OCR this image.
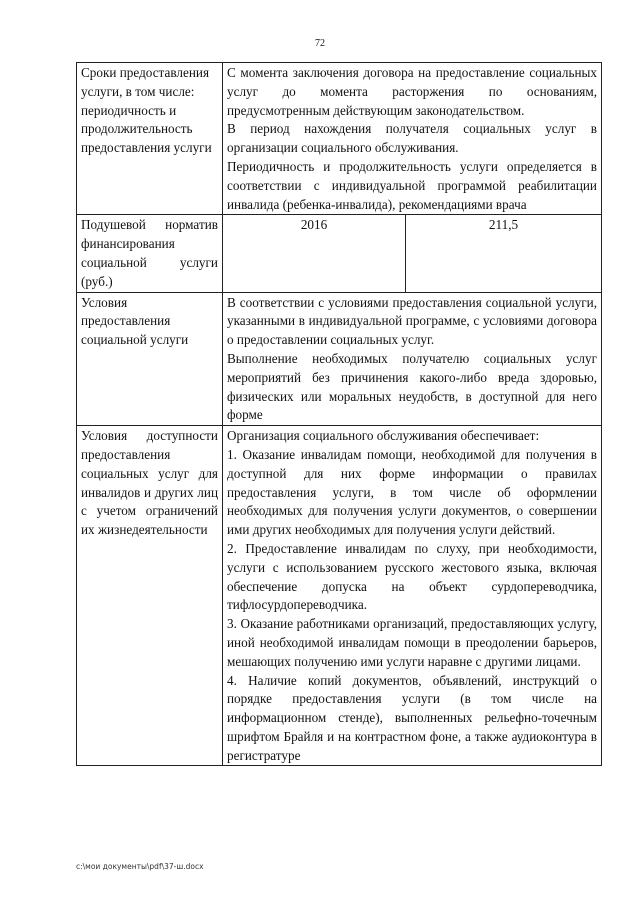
72
Сроки предоставления услуги, в том числе: периодичность и продолжительность предоставления услуги	С момента заключения договора на предоставление социальных услуг до момента расторжения по основаниям, предусмотренным действующим законодательством.
В период нахождения получателя социальных услуг в организации социального обслуживания.
Периодичность и продолжительность услуги определяется в соответствии с индивидуальной программой реабилитации инвалида (ребенка-инвалида), рекомендациями врача	

Подушевой норматив финансирования социальной услуги (руб.)	2016	211,5
Условия предоставления социальной услуги	В соответствии с условиями предоставления социальной услуги, указанными в индивидуальной программе, с условиями договора о предоставлении социальных услуг.
Выполнение необходимых получателю социальных услуг мероприятий без причинения какого-либо вреда здоровью, физических или моральных неудобств, в доступной для него форме	

Условия доступности предоставления социальных услуг для инвалидов и других лиц с учетом ограничений их жизнедеятельности	Организация социального обслуживания обеспечивает:
1. Оказание инвалидам помощи, необходимой для получения в доступной для них форме информации о правилах предоставления услуги, в том числе об оформлении необходимых для получения услуги документов, о совершении ими других необходимых для получения услуги действий.
2. Предоставление инвалидам по слуху, при необходимости, услуги с использованием русского жестового языка, включая обеспечение допуска на объект сурдопереводчика, тифлосурдопереводчика.
3. Оказание работниками организаций, предоставляющих услугу, иной необходимой инвалидам помощи в преодолении барьеров, мешающих получению ими услуги наравне с другими лицами.
4. Наличие копий документов, объявлений, инструкций о порядке предоставления услуги (в том числе на информационном стенде), выполненных рельефно-точечным шрифтом Брайля и на контрастном фоне, а также аудиоконтура в регистратуре	
c:\мои документы\pdf\37-ш.docx
